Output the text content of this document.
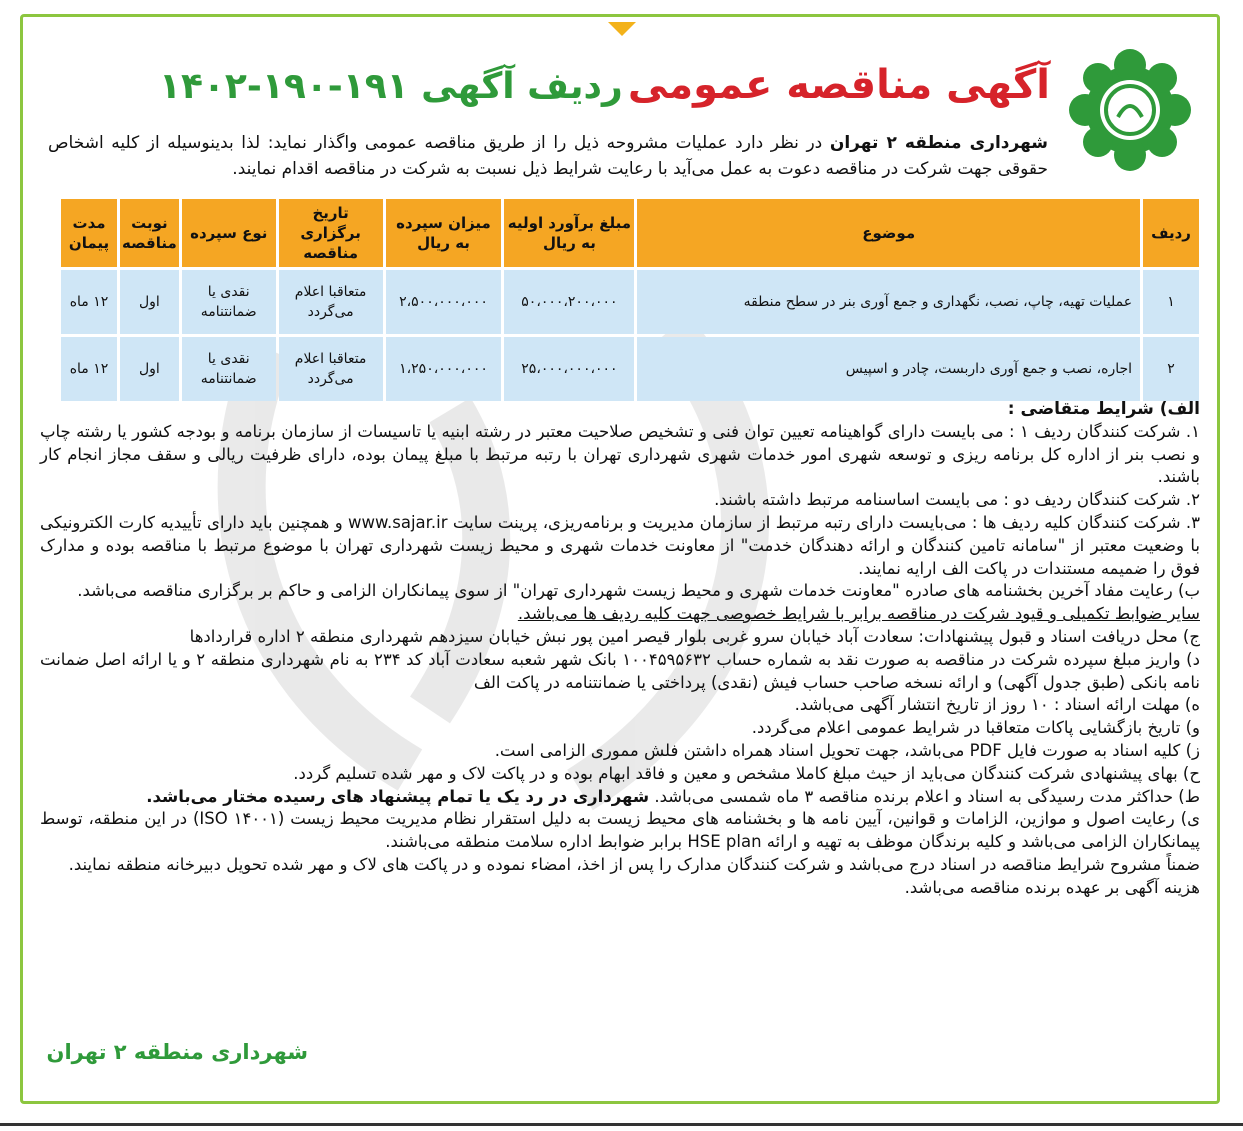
آگهی مناقصه عمومی ردیف آگهی ۱۹۱-۱۹۰-۱۴۰۲
شهرداری منطقه ۲ تهران در نظر دارد عملیات مشروحه ذیل را از طریق مناقصه عمومی واگذار نماید: لذا بدینوسیله از کلیه اشخاص حقوقی جهت شرکت در مناقصه دعوت به عمل می‌آید با رعایت شرایط ذیل نسبت به شرکت در مناقصه اقدام نمایند.
ردیف	موضوع	مبلغ برآورد اولیه به ریال	میزان سپرده به ریال	تاریخ برگزاری مناقصه	نوع سپرده	نوبت مناقصه	مدت پیمان
۱	عملیات تهیه، چاپ، نصب، نگهداری و جمع آوری بنر در سطح منطقه	۵۰،۰۰۰،۲۰۰،۰۰۰	۲،۵۰۰،۰۰۰،۰۰۰	متعاقبا اعلام می‌گردد	نقدی یا ضمانتنامه	اول	۱۲ ماه
۲	اجاره، نصب و جمع آوری داربست، چادر و اسپیس	۲۵،۰۰۰،۰۰۰،۰۰۰	۱،۲۵۰،۰۰۰،۰۰۰	متعاقبا اعلام می‌گردد	نقدی یا ضمانتنامه	اول	۱۲ ماه

الف) شرایط متقاضی :

۱. شرکت کنندگان ردیف ۱ : می بایست دارای گواهینامه تعیین توان فنی و تشخیص صلاحیت معتبر در رشته ابنیه یا تاسیسات از سازمان برنامه و بودجه کشور یا رشته چاپ و نصب بنر از اداره کل برنامه ریزی و توسعه شهری امور خدمات شهری شهرداری تهران با رتبه مرتبط با مبلغ پیمان بوده، دارای ظرفیت ریالی و سقف مجاز انجام کار باشند.

۲. شرکت کنندگان ردیف دو : می بایست اساسنامه مرتبط داشته باشند.

۳. شرکت کنندگان کلیه ردیف ها : می‌بایست دارای رتبه مرتبط از سازمان مدیریت و برنامه‌ریزی، پرینت سایت www.sajar.ir و همچنین باید دارای تأییدیه کارت الکترونیکی با وضعیت معتبر از "سامانه تامین کنندگان و ارائه دهندگان خدمت" از معاونت خدمات شهری و محیط زیست شهرداری تهران با موضوع مرتبط با مناقصه بوده و مدارک فوق را ضمیمه مستندات در پاکت الف ارایه نمایند.

ب) رعایت مفاد آخرین بخشنامه های صادره "معاونت خدمات شهری و محیط زیست شهرداری تهران" از سوی پیمانکاران الزامی و حاکم بر برگزاری مناقصه می‌باشد.

سایر ضوابط تکمیلی و قیود شرکت در مناقصه برابر با شرایط خصوصی جهت کلیه ردیف ها می‌باشد.

ج) محل دریافت اسناد و قبول پیشنهادات: سعادت آباد خیابان سرو غربی بلوار قیصر امین پور نبش خیابان سیزدهم شهرداری منطقه ۲ اداره قراردادها

د) واریز مبلغ سپرده شرکت در مناقصه به صورت نقد به شماره حساب ۱۰۰۴۵۹۵۶۳۲ بانک شهر شعبه سعادت آباد کد ۲۳۴ به نام شهرداری منطقه ۲ و یا ارائه اصل ضمانت نامه بانکی (طبق جدول آگهی) و ارائه نسخه صاحب حساب فیش (نقدی) پرداختی یا ضمانتنامه در پاکت الف

ه) مهلت ارائه اسناد : ۱۰ روز از تاریخ انتشار آگهی می‌باشد.

و) تاریخ بازگشایی پاکات متعاقبا در شرایط عمومی اعلام می‌گردد.

ز) کلیه اسناد به صورت فایل PDF می‌باشد، جهت تحویل اسناد همراه داشتن فلش مموری الزامی است.

ح) بهای پیشنهادی شرکت کنندگان می‌باید از حیث مبلغ کاملا مشخص و معین و فاقد ابهام بوده و در پاکت لاک و مهر شده تسلیم گردد.

ط) حداکثر مدت رسیدگی به اسناد و اعلام برنده مناقصه ۳ ماه شمسی می‌باشد. شهرداری در رد یک یا تمام پیشنهاد های رسیده مختار می‌باشد.

ی) رعایت اصول و موازین، الزامات و قوانین، آیین نامه ها و بخشنامه های محیط زیست به دلیل استقرار نظام مدیریت محیط زیست (ISO ۱۴۰۰۱) در این منطقه، توسط پیمانکاران الزامی می‌باشد و کلیه برندگان موظف به تهیه و ارائه HSE plan برابر ضوابط اداره سلامت منطقه می‌باشند.

ضمناً مشروح شرایط مناقصه در اسناد درج می‌باشد و شرکت کنندگان مدارک را پس از اخذ، امضاء نموده و در پاکت های لاک و مهر شده تحویل دبیرخانه منطقه نمایند.

هزینه آگهی بر عهده برنده مناقصه می‌باشد.

شهرداری منطقه ۲ تهران
